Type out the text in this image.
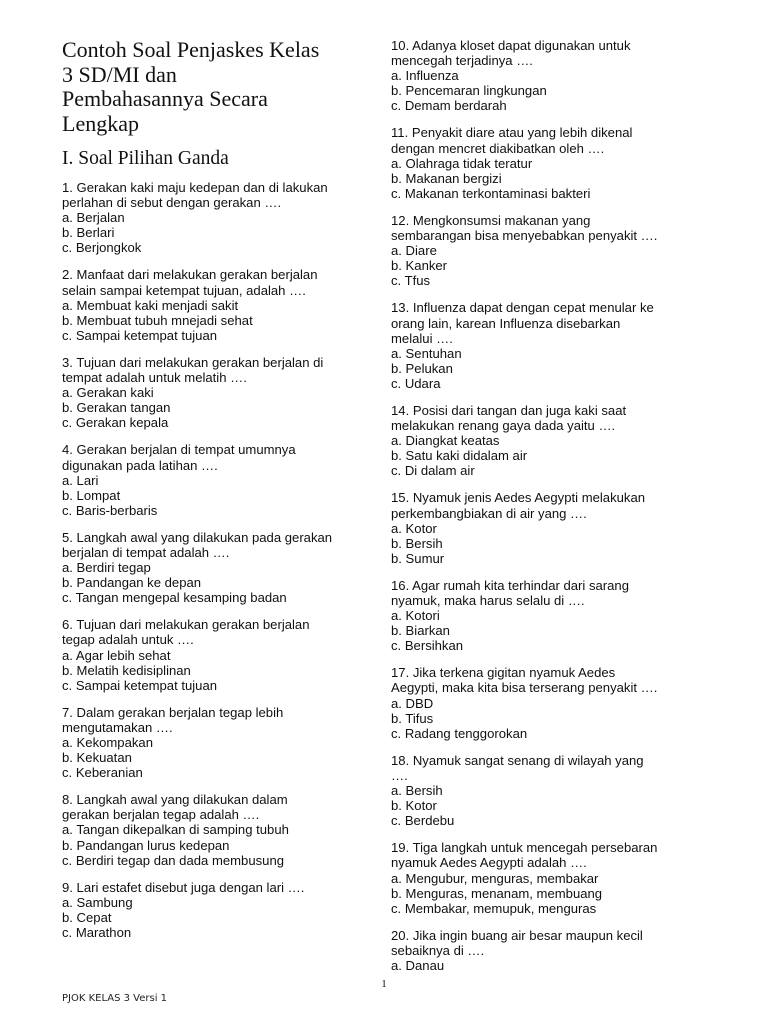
Contoh Soal Penjaskes Kelas
3 SD/MI dan
Pembahasannya Secara
Lengkap
I. Soal Pilihan Ganda

1. Gerakan kaki maju kedepan dan di lakukan
perlahan di sebut dengan gerakan ….

a. Berjalan
b. Berlari
c. Berjongkok

2. Manfaat dari melakukan gerakan berjalan
selain sampai ketempat tujuan, adalah ….

a. Membuat kaki menjadi sakit
b. Membuat tubuh mnejadi sehat
c. Sampai ketempat tujuan

3. Tujuan dari melakukan gerakan berjalan di
tempat adalah untuk melatih ….

a. Gerakan kaki
b. Gerakan tangan
c. Gerakan kepala

4. Gerakan berjalan di tempat umumnya
digunakan pada latihan ….

a. Lari
b. Lompat
c. Baris-berbaris

5. Langkah awal yang dilakukan pada gerakan
berjalan di tempat adalah ….

a. Berdiri tegap
b. Pandangan ke depan
c. Tangan mengepal kesamping badan

6. Tujuan dari melakukan gerakan berjalan
tegap adalah untuk ….

a. Agar lebih sehat
b. Melatih kedisiplinan
c. Sampai ketempat tujuan

7. Dalam gerakan berjalan tegap lebih
mengutamakan ….

a. Kekompakan
b. Kekuatan
c. Keberanian

8. Langkah awal yang dilakukan dalam
gerakan berjalan tegap adalah ….

a. Tangan dikepalkan di samping tubuh
b. Pandangan lurus kedepan
c. Berdiri tegap dan dada membusung

9. Lari estafet disebut juga dengan lari ….

a. Sambung
b. Cepat
c. Marathon

10. Adanya kloset dapat digunakan untuk
mencegah terjadinya ….

a. Influenza
b. Pencemaran lingkungan
c. Demam berdarah

11. Penyakit diare atau yang lebih dikenal
dengan mencret diakibatkan oleh ….

a. Olahraga tidak teratur
b. Makanan bergizi
c. Makanan terkontaminasi bakteri

12. Mengkonsumsi makanan yang
sembarangan bisa menyebabkan penyakit ….

a. Diare
b. Kanker
c. Tfus

13. Influenza dapat dengan cepat menular ke
orang lain, karean Influenza disebarkan
melalui ….

a. Sentuhan
b. Pelukan
c. Udara

14. Posisi dari tangan dan juga kaki saat
melakukan renang gaya dada yaitu ….

a. Diangkat keatas
b. Satu kaki didalam air
c. Di dalam air

15. Nyamuk jenis Aedes Aegypti melakukan
perkembangbiakan di air yang ….

a. Kotor
b. Bersih
b. Sumur

16. Agar rumah kita terhindar dari sarang
nyamuk, maka harus selalu di ….

a. Kotori
b. Biarkan
c. Bersihkan

17. Jika terkena gigitan nyamuk Aedes
Aegypti, maka kita bisa terserang penyakit ….

a. DBD
b. Tifus
c. Radang tenggorokan

18. Nyamuk sangat senang di wilayah yang
….

a. Bersih
b. Kotor
c. Berdebu

19. Tiga langkah untuk mencegah persebaran
nyamuk Aedes Aegypti adalah ….

a. Mengubur, menguras, membakar
b. Menguras, menanam, membuang
c. Membakar, memupuk, menguras

20. Jika ingin buang air besar maupun kecil
sebaiknya di ….

a. Danau
1
PJOK KELAS 3 Versi 1
